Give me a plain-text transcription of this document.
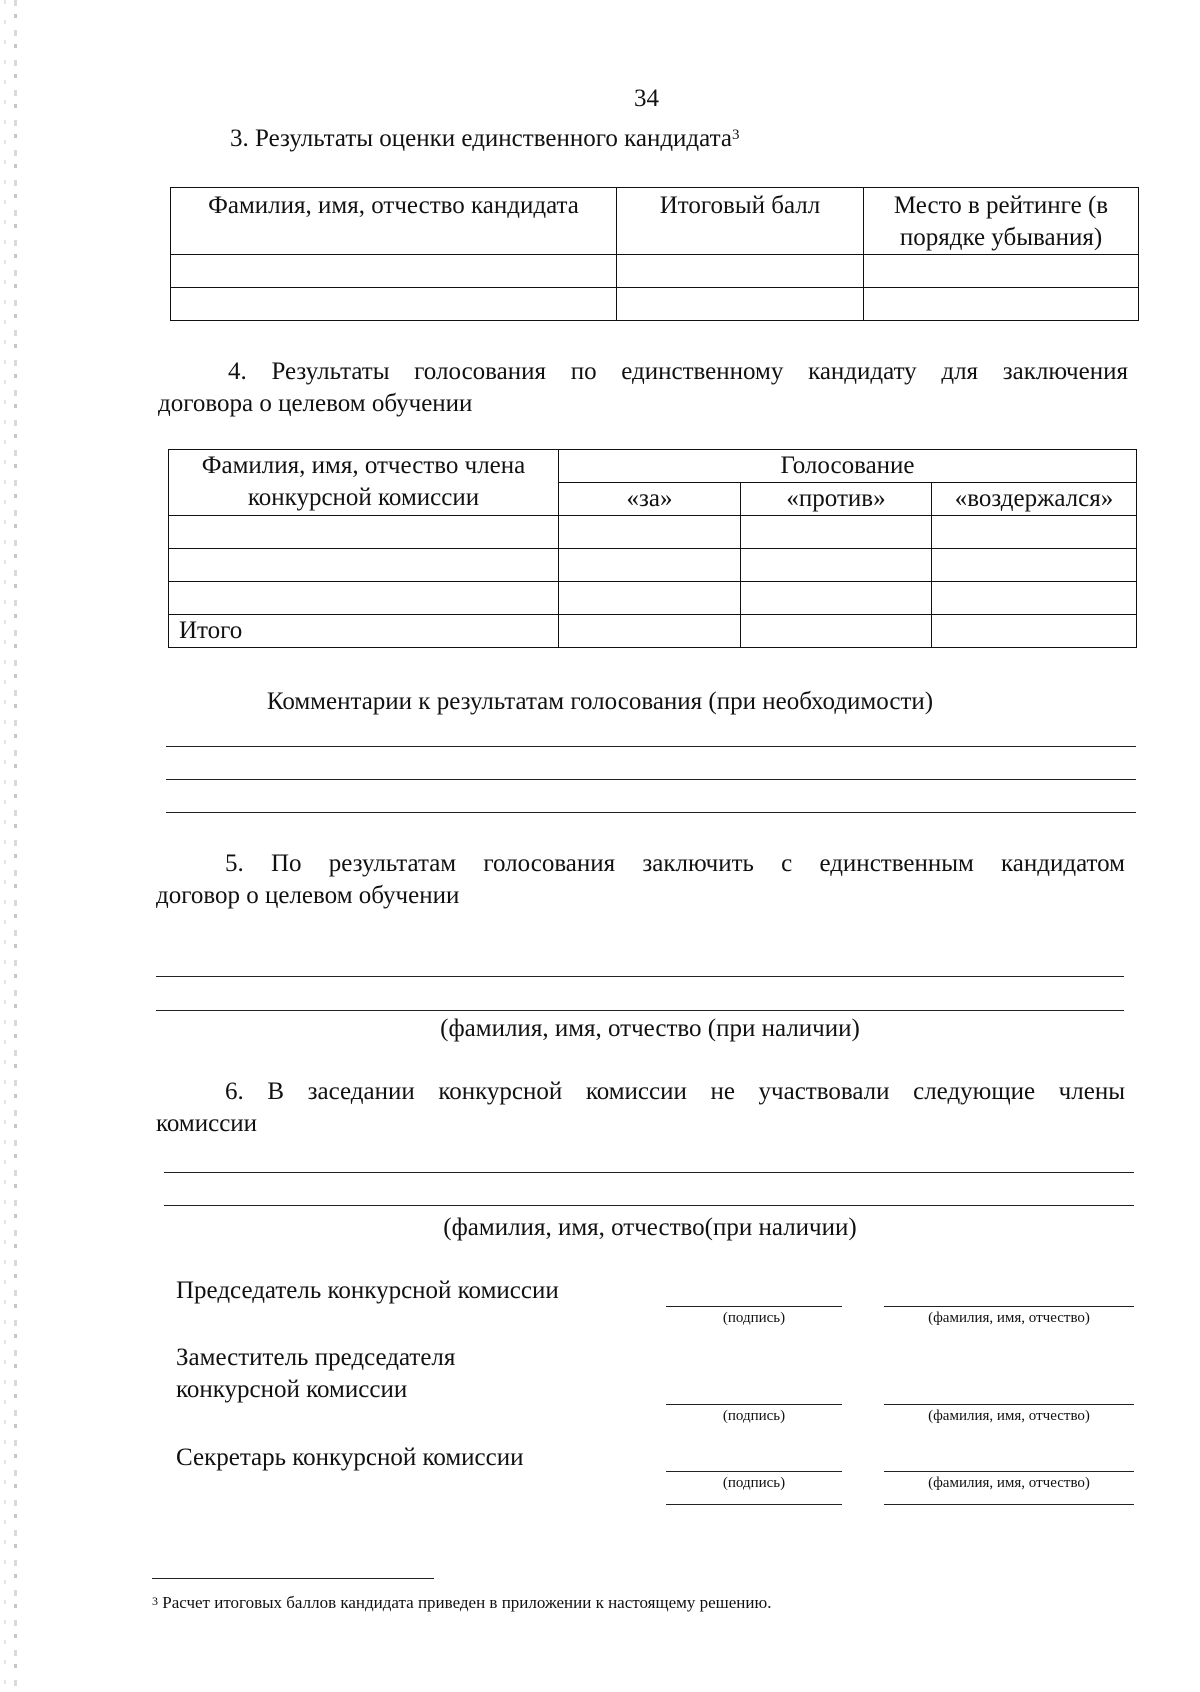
34
3. Результаты оценки единственного кандидата$^3$
Фамилия, имя, отчество кандидата	Итоговый балл	Место в рейтинге (в порядке убывания)

4. Результаты голосования по единственному кандидату для заключения
договора о целевом обучении
Фамилия, имя, отчество члена конкурсной комиссии	Голосование		
	«за»	«против»	«воздержался»

Итого			
Комментарии к результатам голосования (при необходимости)
5. По результатам голосования заключить с единственным кандидатом
договор о целевом обучении
(фамилия, имя, отчество (при наличии)
6. В заседании конкурсной комиссии не участвовали следующие члены
комиссии
(фамилия, имя, отчество(при наличии)
Председатель конкурсной комиссии
(подпись)	(фамилия, имя, отчество)
Заместитель председателя
конкурсной комиссии
(подпись)	(фамилия, имя, отчество)
Секретарь конкурсной комиссии
(подпись)	(фамилия, имя, отчество)
$^3$ Расчет итоговых баллов кандидата приведен в приложении к настоящему решению.
